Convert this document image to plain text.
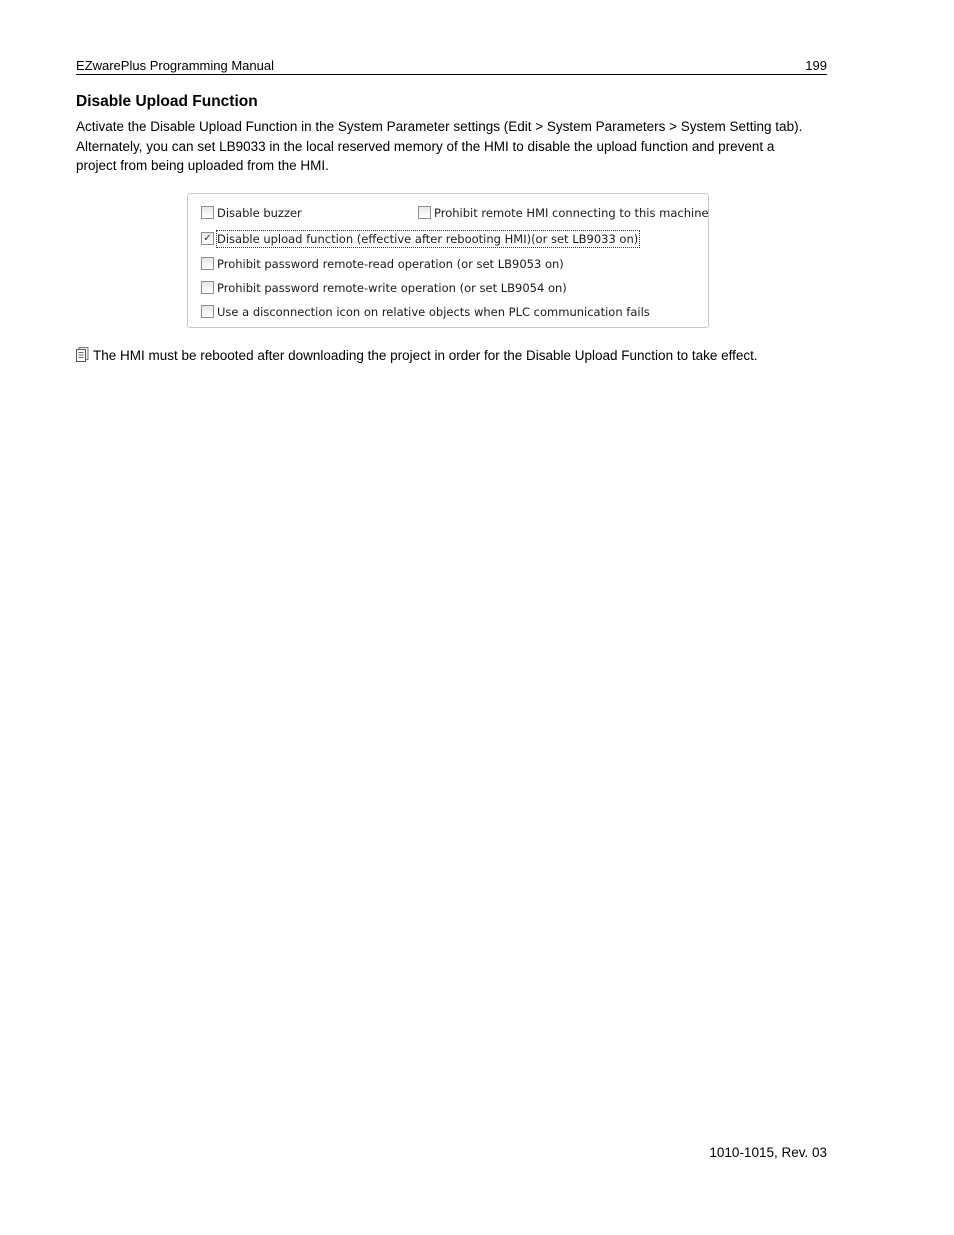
EZwarePlus Programming Manual	199
Disable Upload Function

Activate the Disable Upload Function in the System Parameter settings (Edit > System Parameters > System Setting tab). Alternately, you can set LB9033 in the local reserved memory of the HMI to disable the upload function and prevent a project from being uploaded from the HMI.

Disable buzzer	Prohibit remote HMI connecting to this machine
✓ Disable upload function (effective after rebooting HMI)(or set LB9033 on)
Prohibit password remote-read operation (or set LB9053 on)
Prohibit password remote-write operation (or set LB9054 on)
Use a disconnection icon on relative objects when PLC communication fails
The HMI must be rebooted after downloading the project in order for the Disable Upload Function to take effect.
1010-1015, Rev. 03
